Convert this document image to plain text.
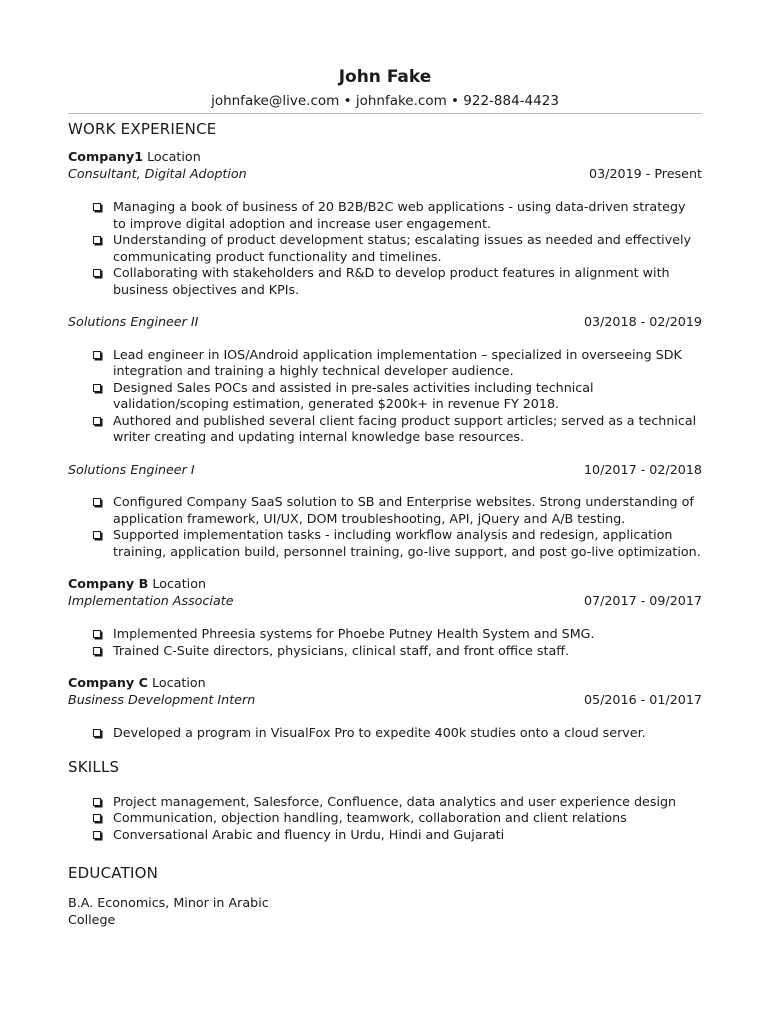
John Fake
johnfake@live.com • johnfake.com • 922-884-4423
WORK EXPERIENCE
Company1 Location
Consultant, Digital Adoption	03/2019 - Present
Managing a book of business of 20 B2B/B2C web applications - using data-driven strategy
to improve digital adoption and increase user engagement.
Understanding of product development status; escalating issues as needed and effectively
communicating product functionality and timelines.
Collaborating with stakeholders and R&D to develop product features in alignment with
business objectives and KPIs.
Solutions Engineer II	03/2018 - 02/2019
Lead engineer in IOS/Android application implementation – specialized in overseeing SDK
integration and training a highly technical developer audience.
Designed Sales POCs and assisted in pre-sales activities including technical
validation/scoping estimation, generated $200k+ in revenue FY 2018.
Authored and published several client facing product support articles; served as a technical
writer creating and updating internal knowledge base resources.
Solutions Engineer I	10/2017 - 02/2018
Configured Company SaaS solution to SB and Enterprise websites. Strong understanding of
application framework, UI/UX, DOM troubleshooting, API, jQuery and A/B testing.
Supported implementation tasks - including workflow analysis and redesign, application
training, application build, personnel training, go-live support, and post go-live optimization.
Company B Location
Implementation Associate	07/2017 - 09/2017
Implemented Phreesia systems for Phoebe Putney Health System and SMG.
Trained C-Suite directors, physicians, clinical staff, and front office staff.
Company C Location
Business Development Intern	05/2016 - 01/2017
Developed a program in VisualFox Pro to expedite 400k studies onto a cloud server.
SKILLS
Project management, Salesforce, Confluence, data analytics and user experience design
Communication, objection handling, teamwork, collaboration and client relations
Conversational Arabic and fluency in Urdu, Hindi and Gujarati
EDUCATION
B.A. Economics, Minor in Arabic
College
